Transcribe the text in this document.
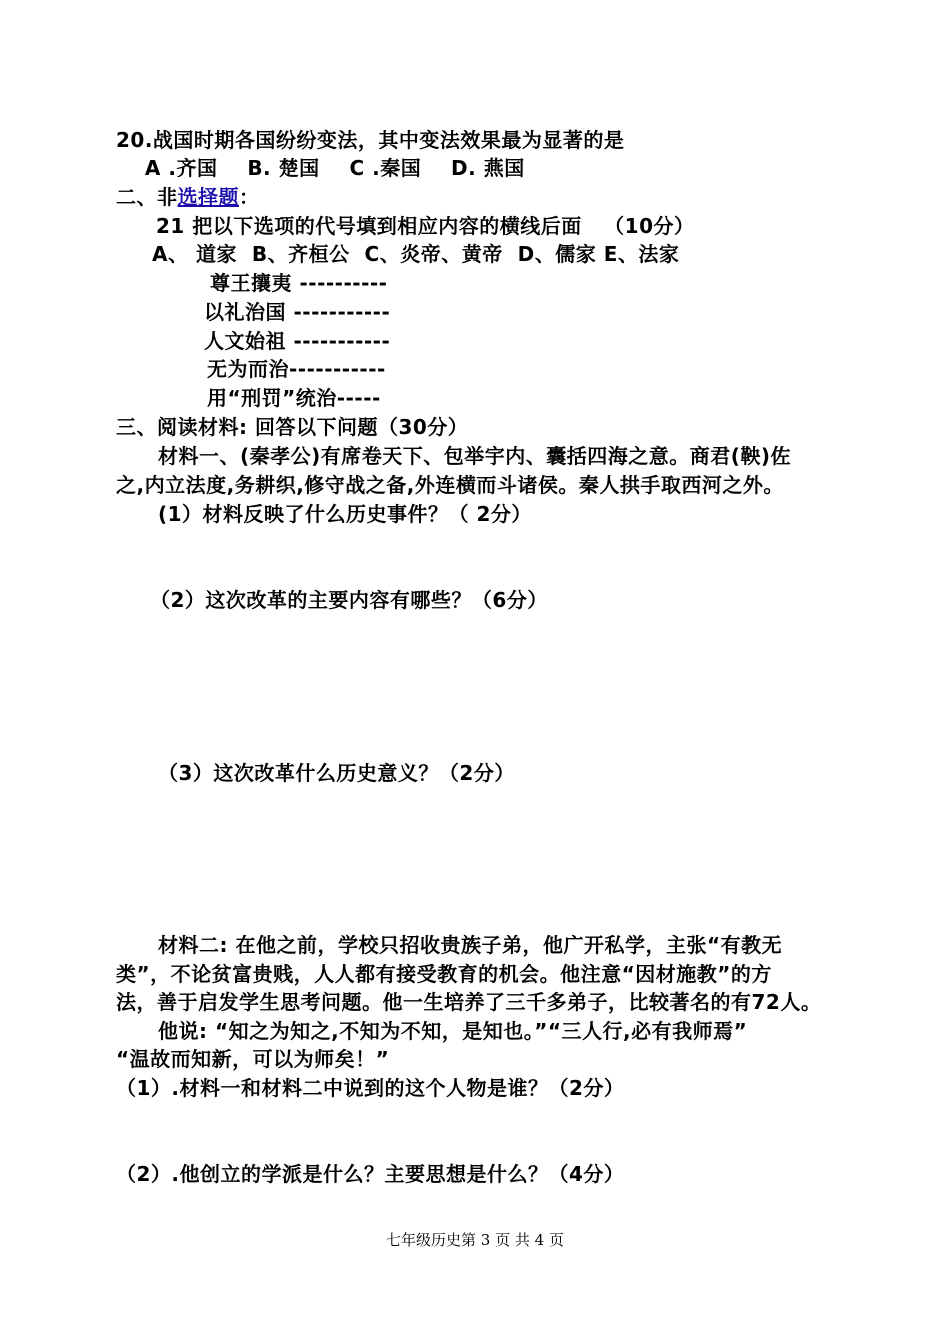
20.战国时期各国纷纷变法，其中变法效果最为显著的是
A .齐国    B. 楚国    C .秦国    D. 燕国
二、非选择题：
21 把以下选项的代号填到相应内容的横线后面   （10分）
A、 道家  B、齐桓公  C、炎帝、黄帝  D、儒家 E、法家
尊王攘夷 ----------
以礼治国 -----------
人文始祖 -----------
无为而治-----------
用“刑罚”统治-----
三、阅读材料: 回答以下问题（30分）
材料一、(秦孝公)有席卷天下、包举宇内、囊括四海之意。商君(鞅)佐
之,内立法度,务耕织,修守战之备,外连横而斗诸侯。秦人拱手取西河之外。
(1）材料反映了什么历史事件？（ 2分）
（2）这次改革的主要内容有哪些？（6分）
（3）这次改革什么历史意义？（2分）
材料二: 在他之前，学校只招收贵族子弟，他广开私学，主张“有教无
类”，不论贫富贵贱，人人都有接受教育的机会。他注意“因材施教”的方
法，善于启发学生思考问题。他一生培养了三千多弟子，比较著名的有72人。
他说: “知之为知之,不知为不知，是知也。”“三人行,必有我师焉”
“温故而知新，可以为师矣！”
（1）.材料一和材料二中说到的这个人物是谁？（2分）
（2）.他创立的学派是什么？主要思想是什么？（4分）
七年级历史第 3 页 共 4 页
